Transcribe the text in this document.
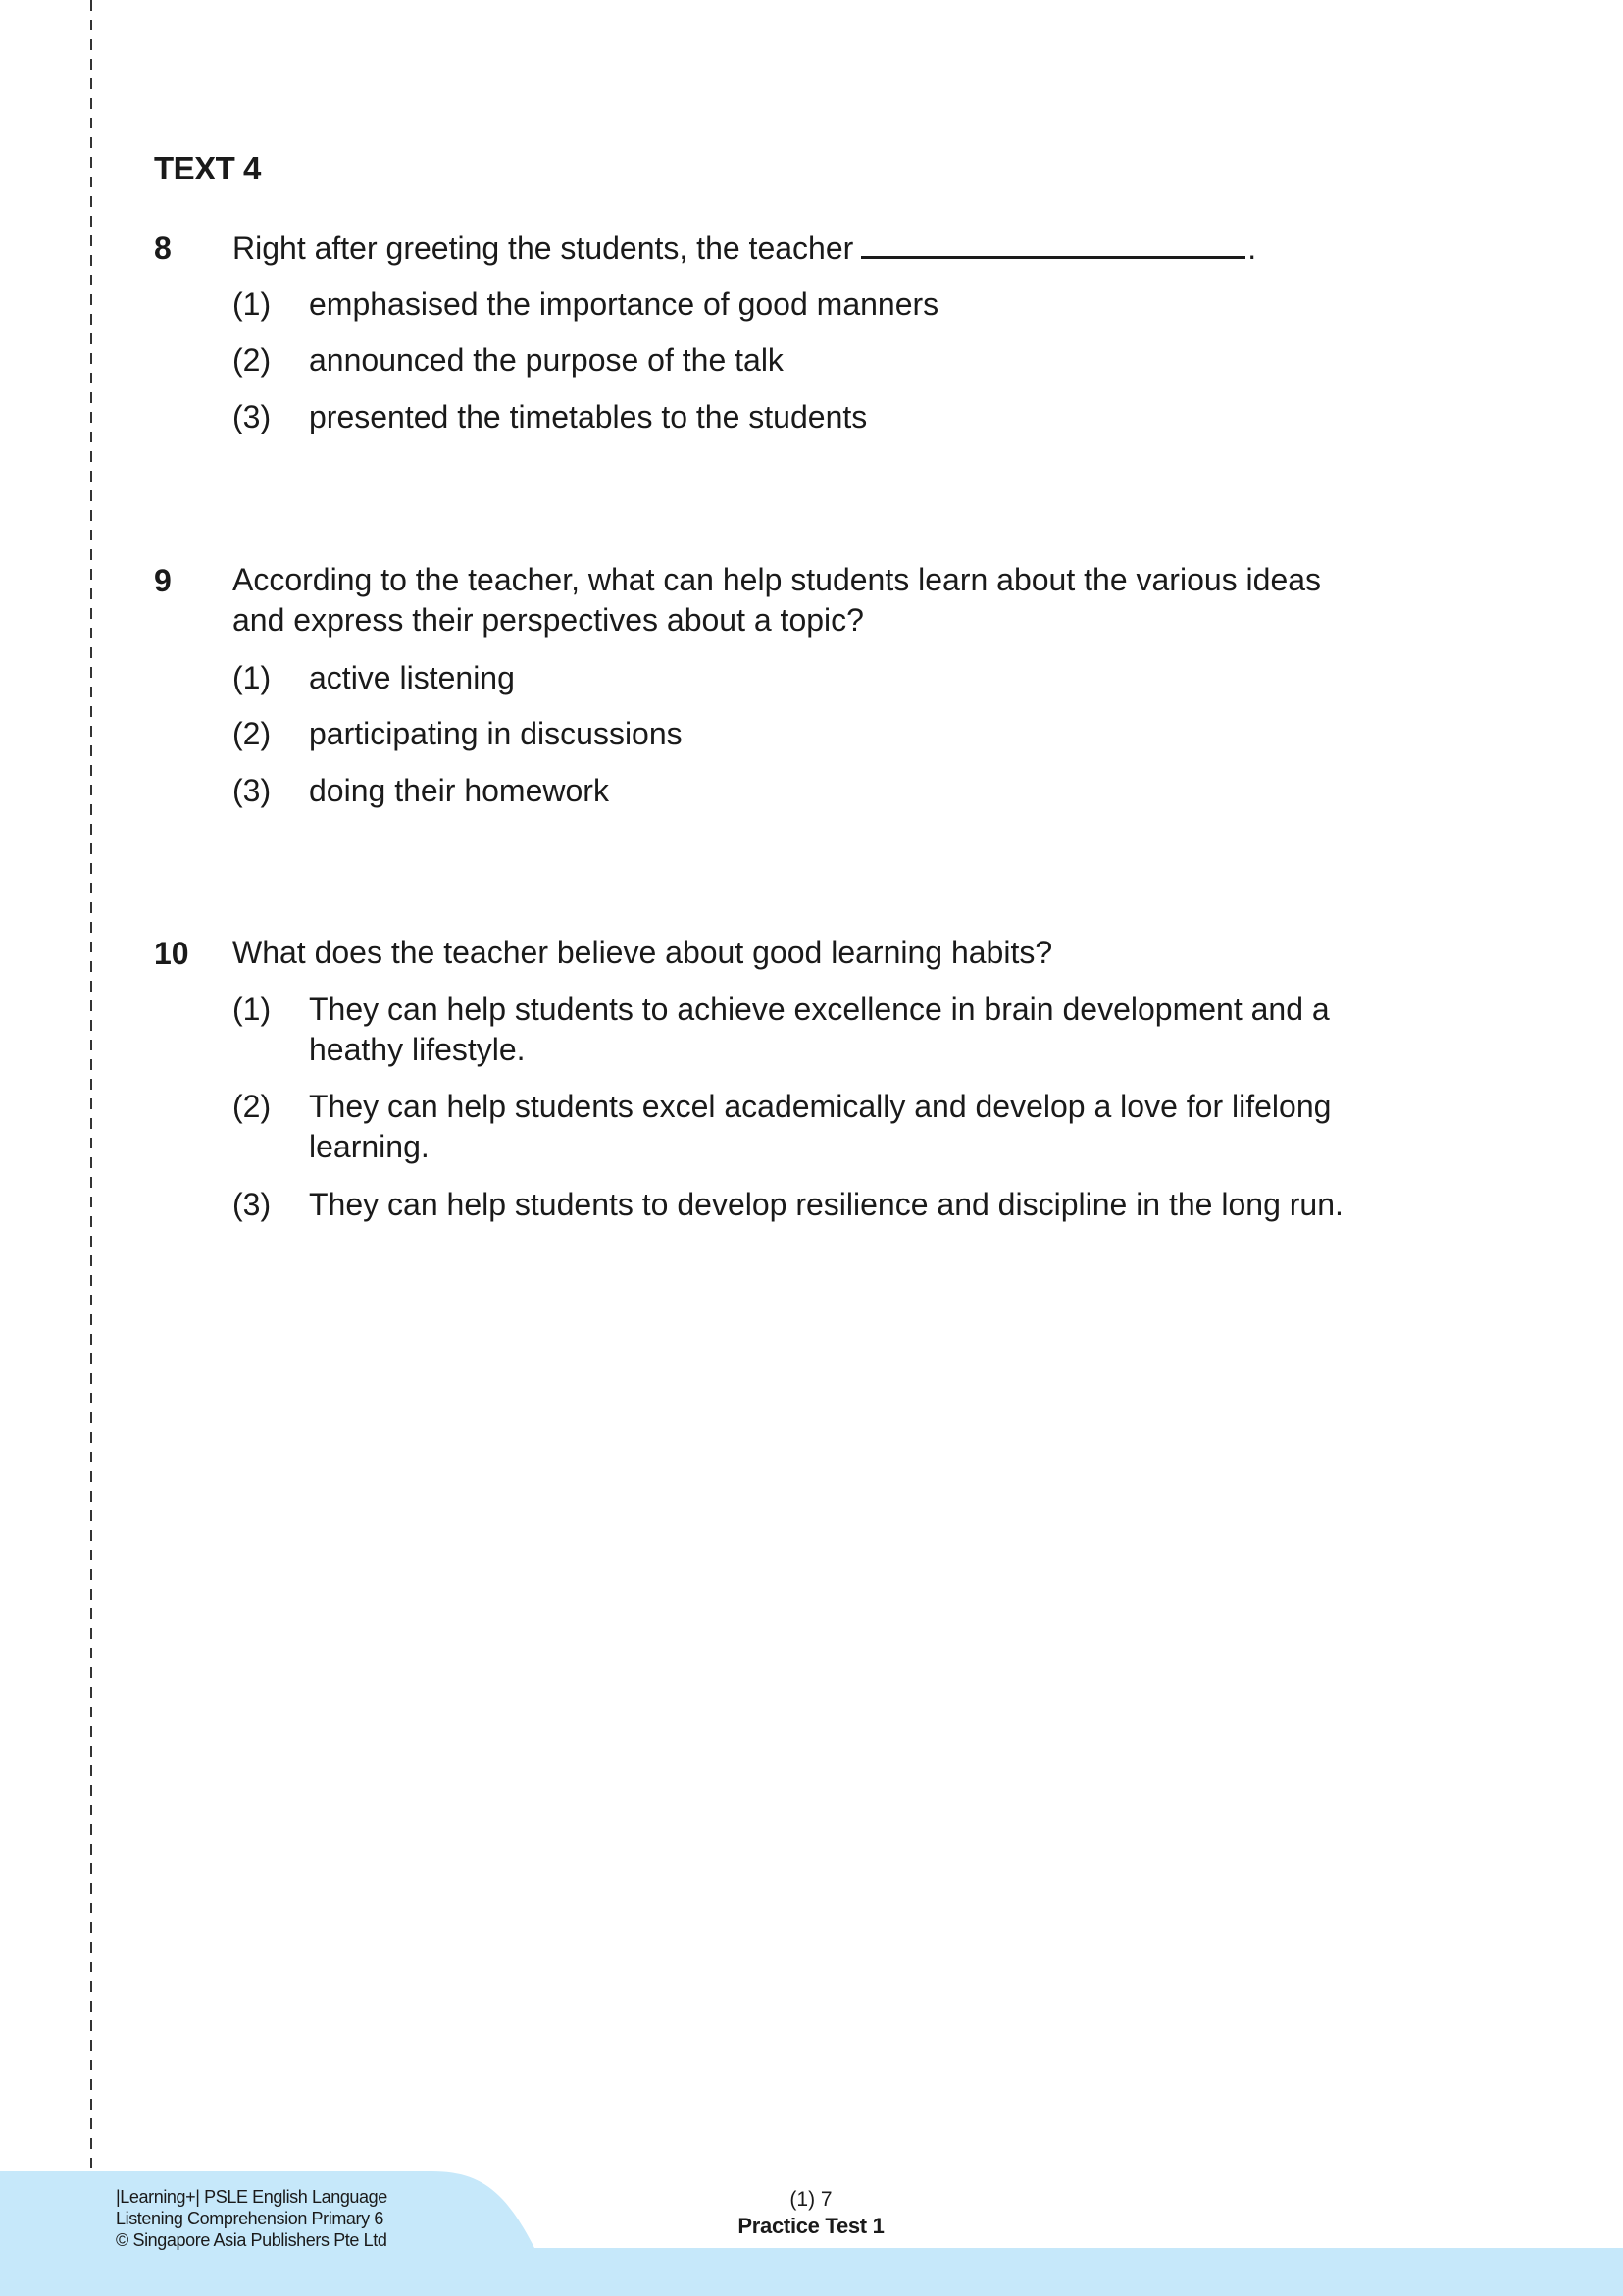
TEXT 4
8 Right after greeting the students, the teacher	.
(1) emphasised the importance of good manners
(2) announced the purpose of the talk
(3) presented the timetables to the students
9 According to the teacher, what can help students learn about the various ideas and express their perspectives about a topic?
(1) active listening
(2) participating in discussions
(3) doing their homework
10 What does the teacher believe about good learning habits?
(1) They can help students to achieve excellence in brain development and a heathy lifestyle.
(2) They can help students excel academically and develop a love for lifelong learning.
(3) They can help students to develop resilience and discipline in the long run.
|Learning+| PSLE English Language
Listening Comprehension Primary 6
© Singapore Asia Publishers Pte Ltd
(1) 7
Practice Test 1
